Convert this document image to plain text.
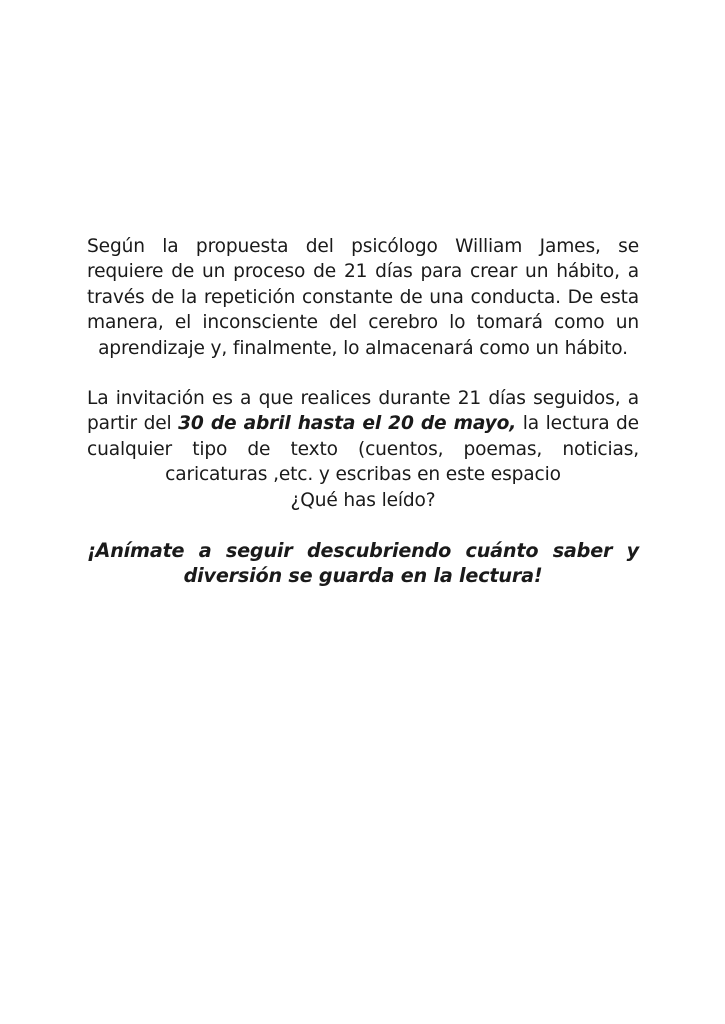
Según la propuesta del psicólogo William James, se requiere de un proceso de 21 días para crear un hábito, a través de la repetición constante de una conducta. De esta manera, el inconsciente del cerebro lo tomará como un aprendizaje y, finalmente, lo almacenará como un hábito.

La invitación es a que realices durante 21 días seguidos, a partir del 30 de abril hasta el 20 de mayo, la lectura de cualquier tipo de texto (cuentos, poemas, noticias, caricaturas ,etc. y escribas en este espacio
¿Qué has leído?

¡Anímate a seguir descubriendo cuánto saber y diversión se guarda en la lectura!
